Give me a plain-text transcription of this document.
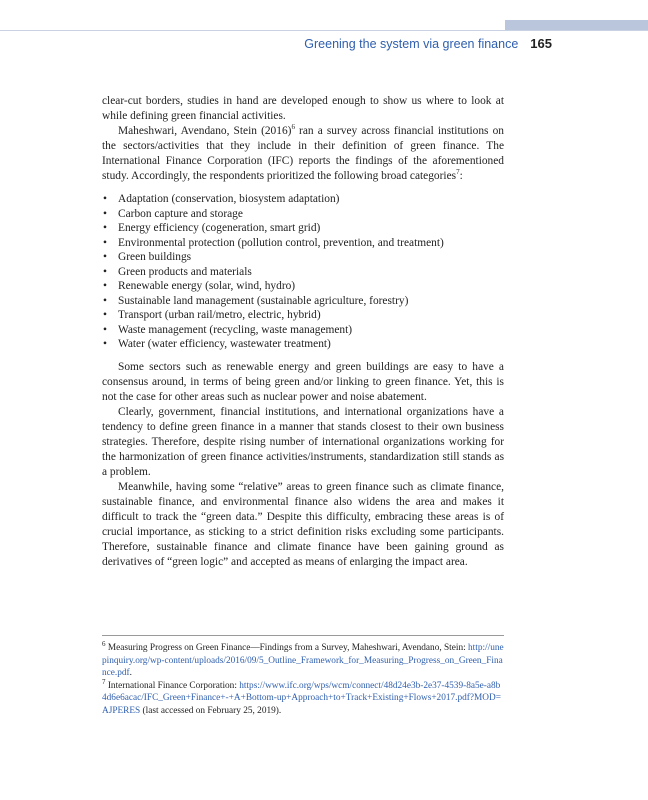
Greening the system via green finance 165

clear-cut borders, studies in hand are developed enough to show us where to look at while defining green financial activities.

Maheshwari, Avendano, Stein $(2016)^6$ ran a survey across financial institutions on the sectors/activities that they include in their definition of green finance. The International Finance Corporation (IFC) reports the findings of the aforementioned study. Accordingly, the respondents prioritized the following broad categories$^7$:

• Adaptation (conservation, biosystem adaptation)
• Carbon capture and storage
• Energy efficiency (cogeneration, smart grid)
• Environmental protection (pollution control, prevention, and treatment)
• Green buildings
• Green products and materials
• Renewable energy (solar, wind, hydro)
• Sustainable land management (sustainable agriculture, forestry)
• Transport (urban rail/metro, electric, hybrid)
• Waste management (recycling, waste management)
• Water (water efficiency, wastewater treatment)

Some sectors such as renewable energy and green buildings are easy to have a consensus around, in terms of being green and/or linking to green finance. Yet, this is not the case for other areas such as nuclear power and noise abatement.

Clearly, government, financial institutions, and international organizations have a tendency to define green finance in a manner that stands closest to their own business strategies. Therefore, despite rising number of international organizations working for the harmonization of green finance activities/instruments, standardization still stands as a problem.

Meanwhile, having some “relative” areas to green finance such as climate finance, sustainable finance, and environmental finance also widens the area and makes it difficult to track the “green data.” Despite this difficulty, embracing these areas is of crucial importance, as sticking to a strict definition risks excluding some participants. Therefore, sustainable finance and climate finance have been gaining ground as derivatives of “green logic” and accepted as means of enlarging the impact area.

$^6$ Measuring Progress on Green Finance—Findings from a Survey, Maheshwari, Avendano, Stein: http://unepinquiry.org/wp-content/uploads/2016/09/5_Outline_Framework_for_Measuring_Progress_on_Green_Finance.pdf.

$^7$ International Finance Corporation: https://www.ifc.org/wps/wcm/connect/48d24e3b-2e37-4539-8a5e-a8b4d6e6acac/IFC_Green+Finance+-+A+Bottom-up+Approach+to+Track+Existing+Flows+2017.pdf?MOD=AJPERES (last accessed on February 25, 2019).
